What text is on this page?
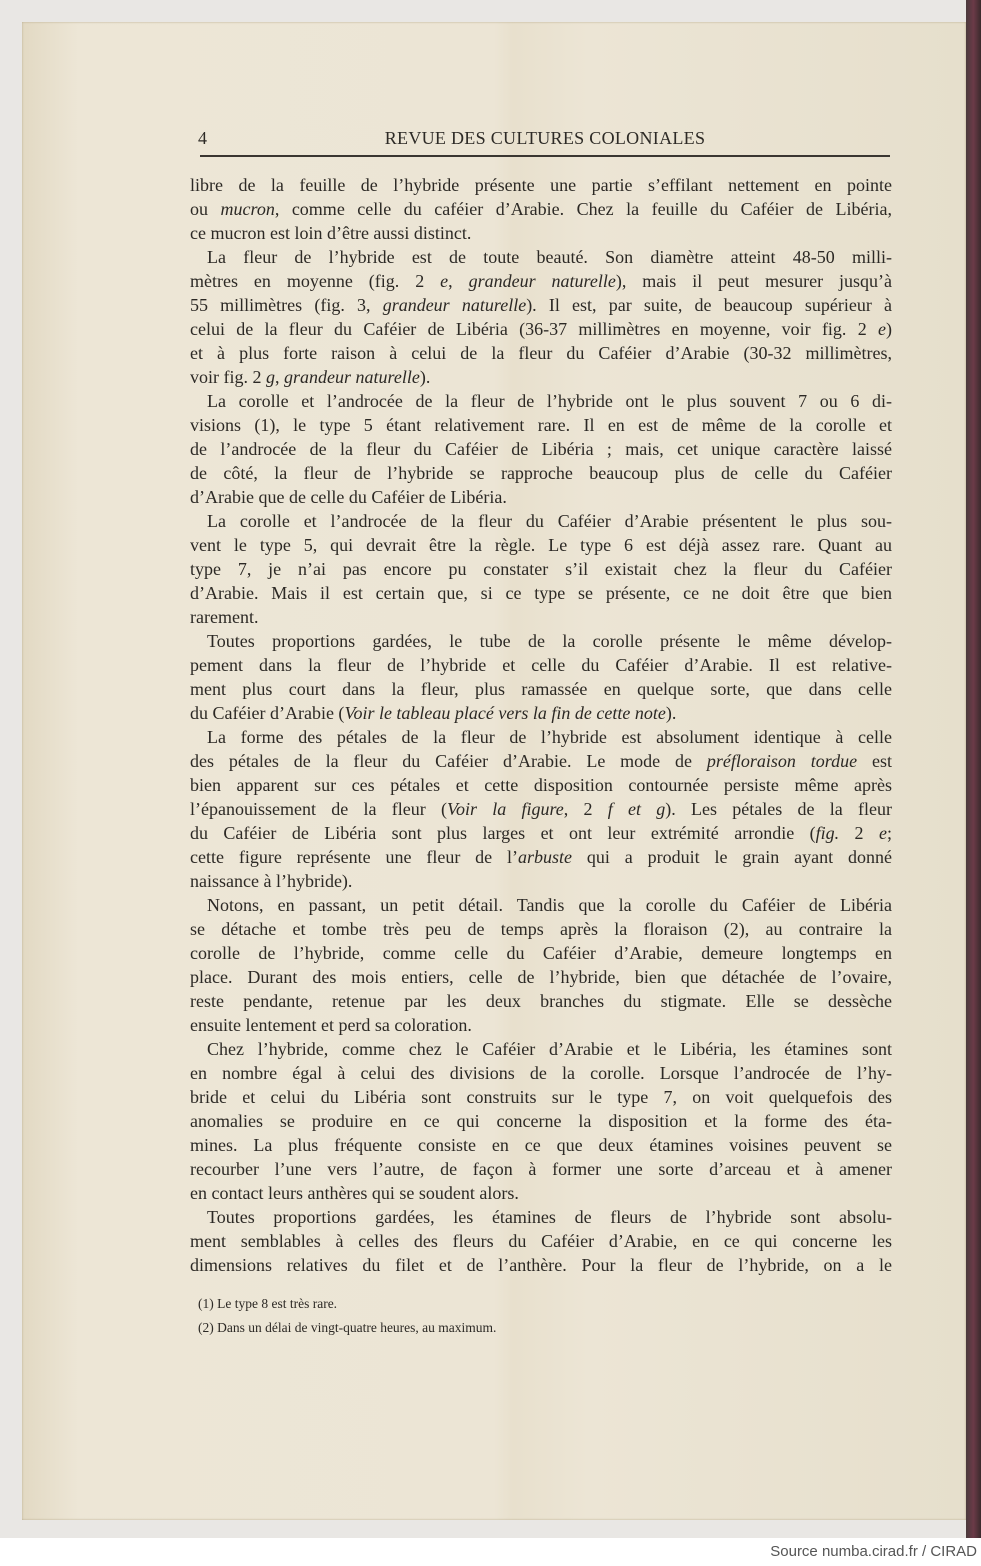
4	REVUE DES CULTURES COLONIALES
libre de la feuille de l’hybride présente une partie s’effilant nettement en pointe
ou mucron, comme celle du caféier d’Arabie. Chez la feuille du Caféier de Libéria,
ce mucron est loin d’être aussi distinct.
La fleur de l’hybride est de toute beauté. Son diamètre atteint 48-50 milli-
mètres en moyenne (fig. 2 e, grandeur naturelle), mais il peut mesurer jusqu’à
55 millimètres (fig. 3, grandeur naturelle). Il est, par suite, de beaucoup supérieur à
celui de la fleur du Caféier de Libéria (36-37 millimètres en moyenne, voir fig. 2 e)
et à plus forte raison à celui de la fleur du Caféier d’Arabie (30-32 millimètres,
voir fig. 2 g, grandeur naturelle).
La corolle et l’androcée de la fleur de l’hybride ont le plus souvent 7 ou 6 di-
visions (1), le type 5 étant relativement rare. Il en est de même de la corolle et
de l’androcée de la fleur du Caféier de Libéria ; mais, cet unique caractère laissé
de côté, la fleur de l’hybride se rapproche beaucoup plus de celle du Caféier
d’Arabie que de celle du Caféier de Libéria.
La corolle et l’androcée de la fleur du Caféier d’Arabie présentent le plus sou-
vent le type 5, qui devrait être la règle. Le type 6 est déjà assez rare. Quant au
type 7, je n’ai pas encore pu constater s’il existait chez la fleur du Caféier
d’Arabie. Mais il est certain que, si ce type se présente, ce ne doit être que bien
rarement.
Toutes proportions gardées, le tube de la corolle présente le même dévelop-
pement dans la fleur de l’hybride et celle du Caféier d’Arabie. Il est relative-
ment plus court dans la fleur, plus ramassée en quelque sorte, que dans celle
du Caféier d’Arabie (Voir le tableau placé vers la fin de cette note).
La forme des pétales de la fleur de l’hybride est absolument identique à celle
des pétales de la fleur du Caféier d’Arabie. Le mode de préfloraison tordue est
bien apparent sur ces pétales et cette disposition contournée persiste même après
l’épanouissement de la fleur (Voir la figure, 2 f et g). Les pétales de la fleur
du Caféier de Libéria sont plus larges et ont leur extrémité arrondie (fig. 2 e;
cette figure représente une fleur de l’arbuste qui a produit le grain ayant donné
naissance à l’hybride).
Notons, en passant, un petit détail. Tandis que la corolle du Caféier de Libéria
se détache et tombe très peu de temps après la floraison (2), au contraire la
corolle de l’hybride, comme celle du Caféier d’Arabie, demeure longtemps en
place. Durant des mois entiers, celle de l’hybride, bien que détachée de l’ovaire,
reste pendante, retenue par les deux branches du stigmate. Elle se dessèche
ensuite lentement et perd sa coloration.
Chez l’hybride, comme chez le Caféier d’Arabie et le Libéria, les étamines sont
en nombre égal à celui des divisions de la corolle. Lorsque l’androcée de l’hy-
bride et celui du Libéria sont construits sur le type 7, on voit quelquefois des
anomalies se produire en ce qui concerne la disposition et la forme des éta-
mines. La plus fréquente consiste en ce que deux étamines voisines peuvent se
recourber l’une vers l’autre, de façon à former une sorte d’arceau et à amener
en contact leurs anthères qui se soudent alors.
Toutes proportions gardées, les étamines de fleurs de l’hybride sont absolu-
ment semblables à celles des fleurs du Caféier d’Arabie, en ce qui concerne les
dimensions relatives du filet et de l’anthère. Pour la fleur de l’hybride, on a le
(1) Le type 8 est très rare.
(2) Dans un délai de vingt-quatre heures, au maximum.
Source numba.cirad.fr / CIRAD
